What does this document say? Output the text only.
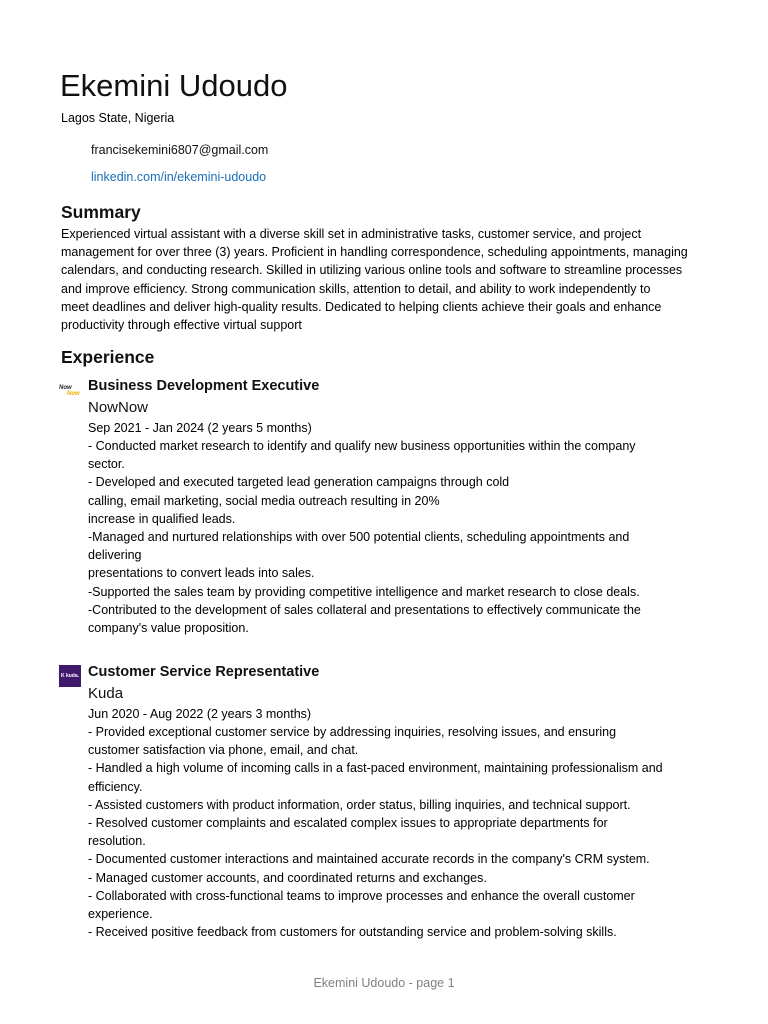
Ekemini Udoudo
Lagos State, Nigeria
francisekemini6807@gmail.com
linkedin.com/in/ekemini-udoudo
Summary
Experienced virtual assistant with a diverse skill set in administrative tasks, customer service, and project
management for over three (3) years. Proficient in handling correspondence, scheduling appointments, managing
calendars, and conducting research. Skilled in utilizing various online tools and software to streamline processes
and improve efficiency. Strong communication skills, attention to detail, and ability to work independently to
meet deadlines and deliver high-quality results. Dedicated to helping clients achieve their goals and enhance
productivity through effective virtual support
Experience
Now
Now Business Development Executive
NowNow
Sep 2021 - Jan 2024 (2 years 5 months)
- Conducted market research to identify and qualify new business opportunities within the company
sector.
- Developed and executed targeted lead generation campaigns through cold
calling, email marketing, social media outreach resulting in 20%
increase in qualified leads.
-Managed and nurtured relationships with over 500 potential clients, scheduling appointments and
delivering
presentations to convert leads into sales.
-Supported the sales team by providing competitive intelligence and market research to close deals.
-Contributed to the development of sales collateral and presentations to effectively communicate the
company's value proposition.
K kuda. Customer Service Representative
Kuda
Jun 2020 - Aug 2022 (2 years 3 months)
- Provided exceptional customer service by addressing inquiries, resolving issues, and ensuring
customer satisfaction via phone, email, and chat.
- Handled a high volume of incoming calls in a fast-paced environment, maintaining professionalism and
efficiency.
- Assisted customers with product information, order status, billing inquiries, and technical support.
- Resolved customer complaints and escalated complex issues to appropriate departments for
resolution.
- Documented customer interactions and maintained accurate records in the company's CRM system.
- Managed customer accounts, and coordinated returns and exchanges.
- Collaborated with cross-functional teams to improve processes and enhance the overall customer
experience.
- Received positive feedback from customers for outstanding service and problem-solving skills.
Ekemini Udoudo - page 1
